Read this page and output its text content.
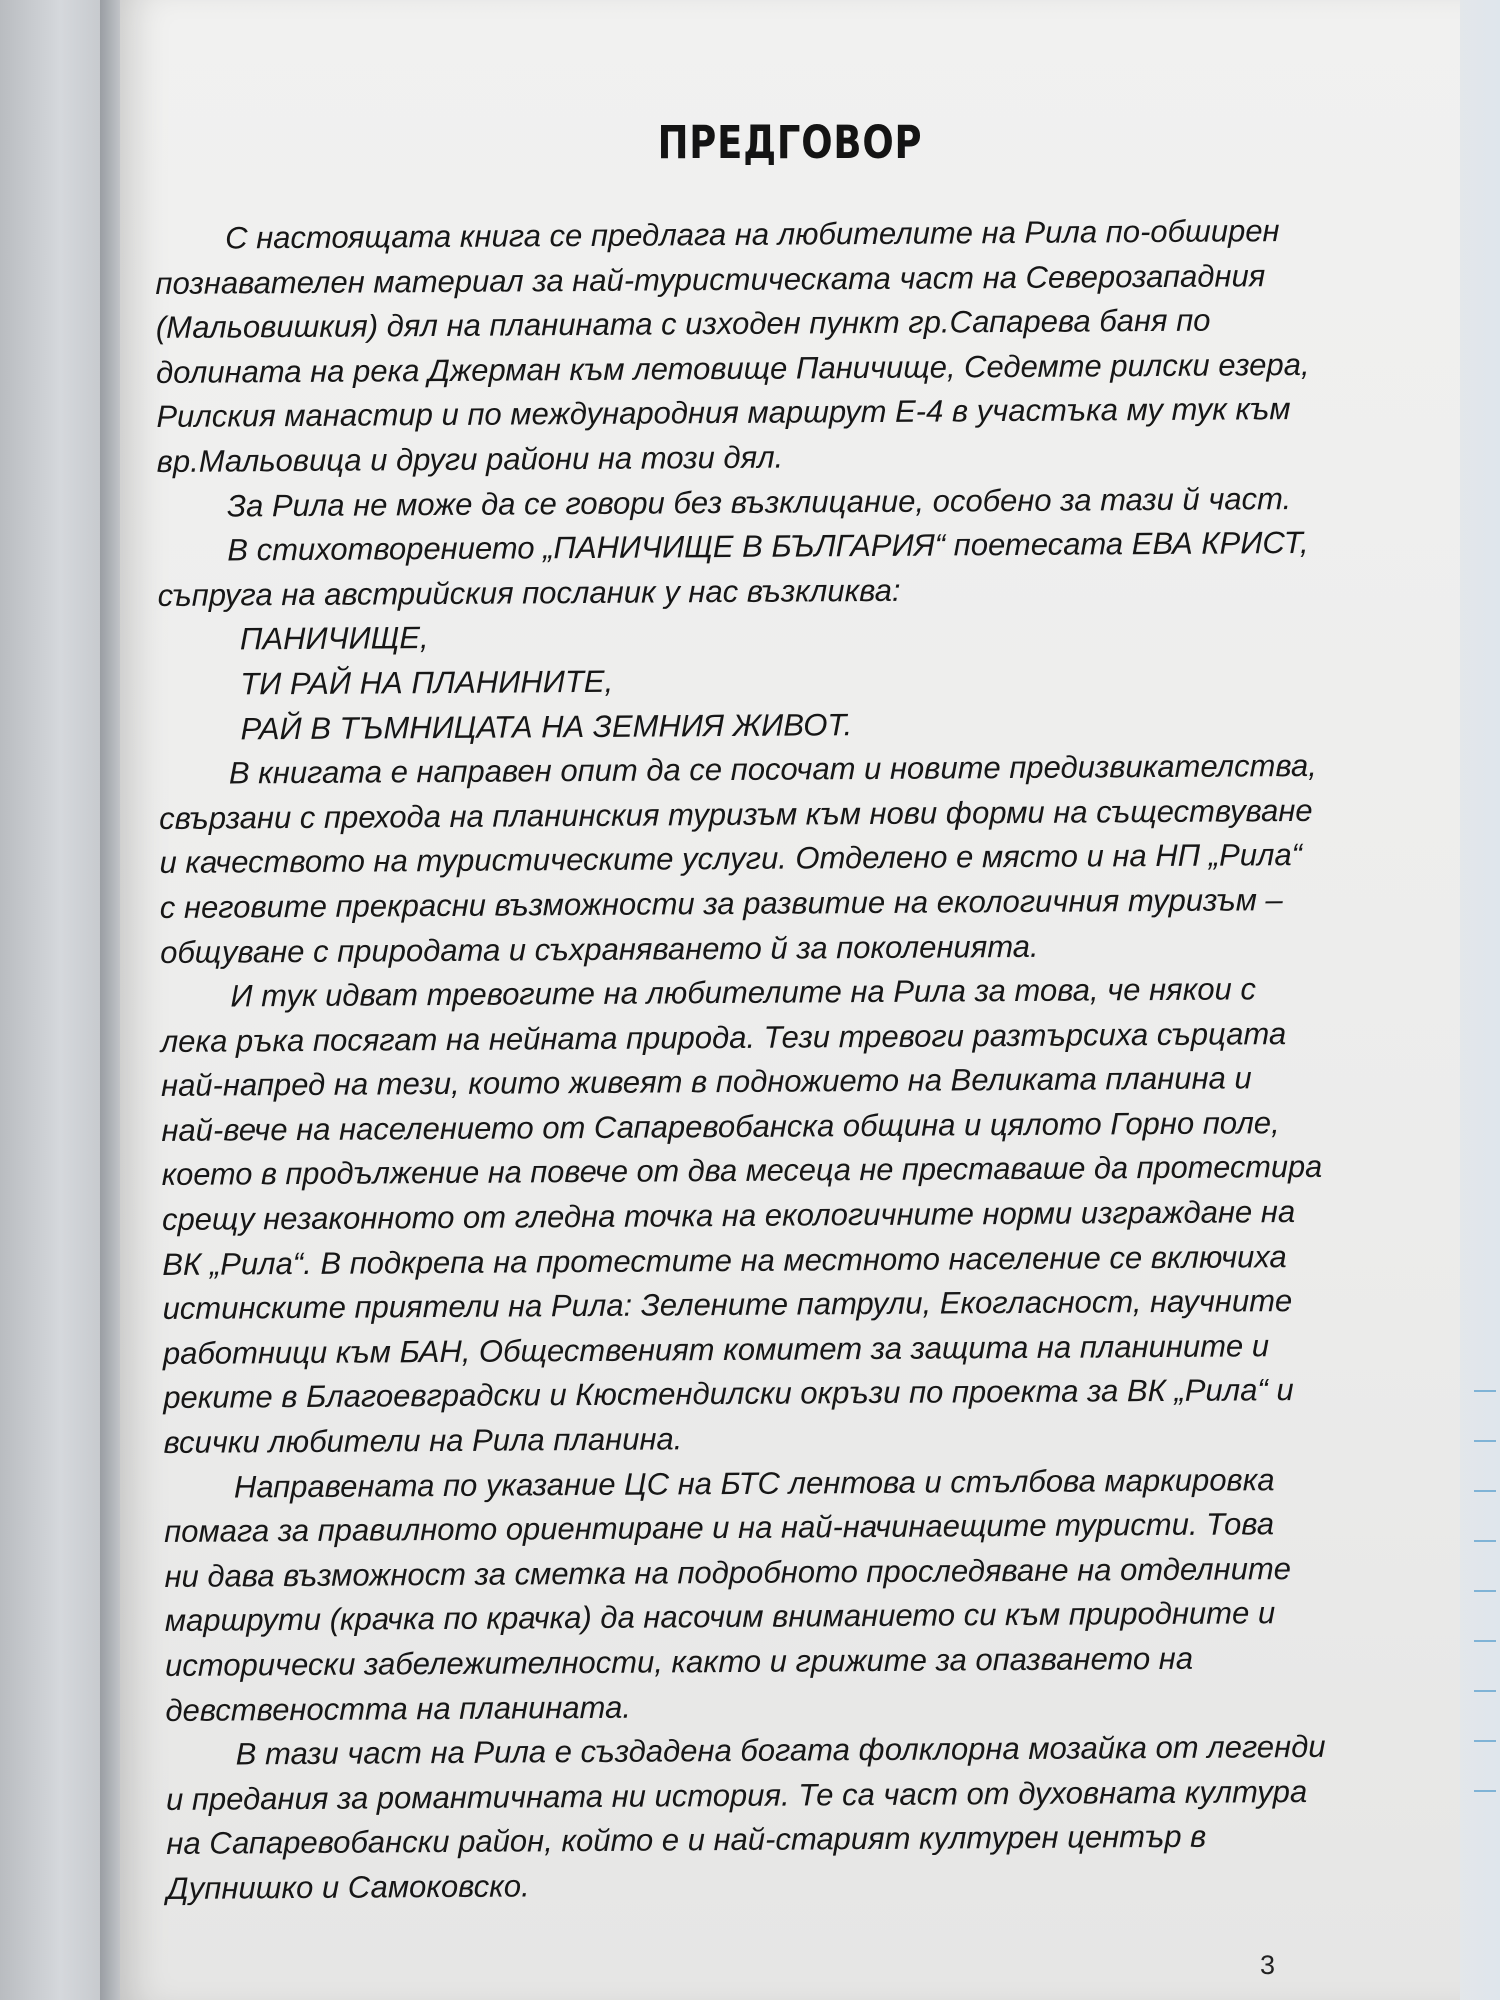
ПРЕДГОВОР
С настоящата книга се предлага на любителите на Рила по-обширен
познавателен материал за най-туристическата част на Северозападния
(Мальовишкия) дял на планината с изходен пункт гр.Сапарева баня по
долината на река Джерман към летовище Паничище, Седемте рилски езера,
Рилския манастир и по международния маршрут Е-4 в участъка му тук към
вр.Мальовица и други райони на този дял.
За Рила не може да се говори без възклицание, особено за тази й част.
В стихотворението „ПАНИЧИЩЕ В БЪЛГАРИЯ“ поетесата ЕВА КРИСТ,
съпруга на австрийския посланик у нас възкликва:
ПАНИЧИЩЕ,
ТИ РАЙ НА ПЛАНИНИТЕ,
РАЙ В ТЪМНИЦАТА НА ЗЕМНИЯ ЖИВОТ.
В книгата е направен опит да се посочат и новите предизвикателства,
свързани с прехода на планинския туризъм към нови форми на съществуване
и качеството на туристическите услуги. Отделено е място и на НП „Рила“
с неговите прекрасни възможности за развитие на екологичния туризъм –
общуване с природата и съхраняването й за поколенията.
И тук идват тревогите на любителите на Рила за това, че някои с
лека ръка посягат на нейната природа. Тези тревоги разтърсиха сърцата
най-напред на тези, които живеят в подножието на Великата планина и
най-вече на населението от Сапаревобанска община и цялото Горно поле,
което в продължение на повече от два месеца не преставаше да протестира
срещу незаконното от гледна точка на екологичните норми изграждане на
ВК „Рила“. В подкрепа на протестите на местното население се включиха
истинските приятели на Рила: Зелените патрули, Екогласност, научните
работници към БАН, Общественият комитет за защита на планините и
реките в Благоевградски и Кюстендилски окръзи по проекта за ВК „Рила“ и
всички любители на Рила планина.
Направената по указание ЦС на БТС лентова и стълбова маркировка
помага за правилното ориентиране и на най-начинаещите туристи. Това
ни дава възможност за сметка на подробното проследяване на отделните
маршрути (крачка по крачка) да насочим вниманието си към природните и
исторически забележителности, както и грижите за опазването на
девствеността на планината.
В тази част на Рила е създадена богата фолклорна мозайка от легенди
и предания за романтичната ни история. Те са част от духовната култура
на Сапаревобански район, който е и най-старият културен център в
Дупнишко и Самоковско.
3
